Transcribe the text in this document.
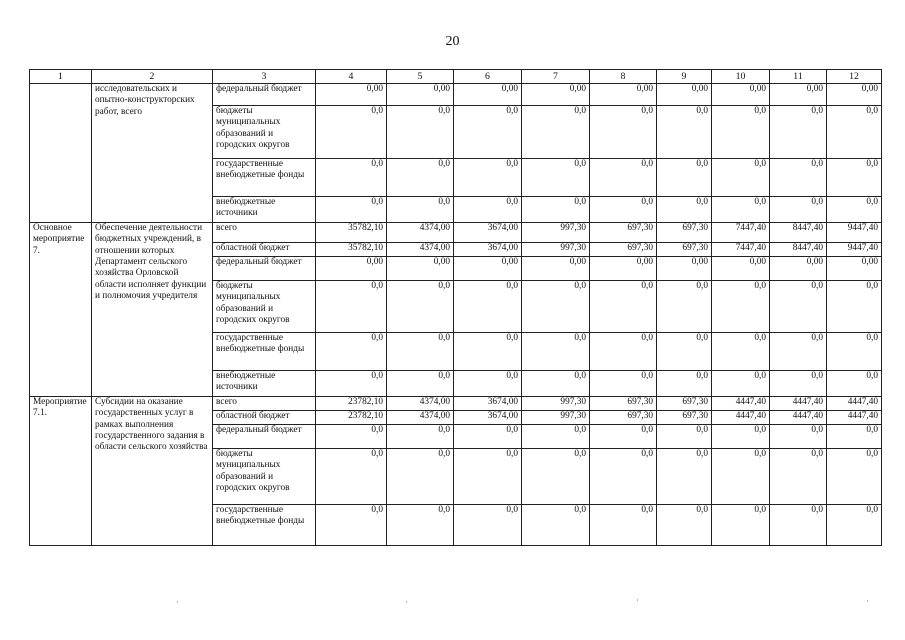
20
1	2	3	4	5	6	7	8	9	10	11	12
	исследовательских и опытно-конструкторских работ, всего	федеральный бюджет	0,00	0,00	0,00	0,00	0,00	0,00	0,00	0,00	0,00
		бюджеты муниципальных образований и городских округов	0,0	0,0	0,0	0,0	0,0	0,0	0,0	0,0	0,0
		государственные внебюджетные фонды	0,0	0,0	0,0	0,0	0,0	0,0	0,0	0,0	0,0
		внебюджетные источники	0,0	0,0	0,0	0,0	0,0	0,0	0,0	0,0	0,0
Основное мероприятие 7.	Обеспечение деятельности бюджетных учреждений, в отношении которых Департамент сельского хозяйства Орловской области исполняет функции и полномочия учредителя	всего	35782,10	4374,00	3674,00	997,30	697,30	697,30	7447,40	8447,40	9447,40
		областной бюджет	35782,10	4374,00	3674,00	997,30	697,30	697,30	7447,40	8447,40	9447,40
		федеральный бюджет	0,00	0,00	0,00	0,00	0,00	0,00	0,00	0,00	0,00
		бюджеты муниципальных образований и городских округов	0,0	0,0	0,0	0,0	0,0	0,0	0,0	0,0	0,0
		государственные внебюджетные фонды	0,0	0,0	0,0	0,0	0,0	0,0	0,0	0,0	0,0
		внебюджетные источники	0,0	0,0	0,0	0,0	0,0	0,0	0,0	0,0	0,0
Мероприятие 7.1.	Субсидии на оказание государственных услуг в рамках выполнения государственного задания в области сельского хозяйства	всего	23782,10	4374,00	3674,00	997,30	697,30	697,30	4447,40	4447,40	4447,40
		областной бюджет	23782,10	4374,00	3674,00	997,30	697,30	697,30	4447,40	4447,40	4447,40
		федеральный бюджет	0,0	0,0	0,0	0,0	0,0	0,0	0,0	0,0	0,0
		бюджеты муниципальных образований и городских округов	0,0	0,0	0,0	0,0	0,0	0,0	0,0	0,0	0,0
		государственные внебюджетные фонды	0,0	0,0	0,0	0,0	0,0	0,0	0,0	0,0	0,0
˙	˙	˙	˙
